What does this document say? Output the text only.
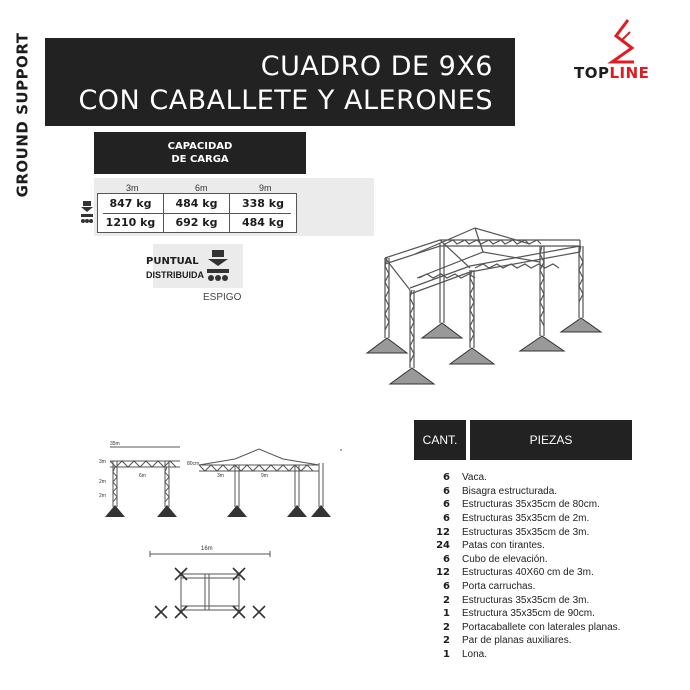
GROUND SUPPORT	CUADRO DE 9X6
CON CABALLETE Y ALERONES
TOPLINE
CAPACIDAD
DE CARGA
3m	6m	9m
847 kg	484 kg	338 kg
1210 kg	692 kg	484 kg
PUNTUAL
DISTRIBUIDA
ESPIGO
35m
3m
6m
2m
2m
80cm
3m	9m
16m
CANT.	PIEZAS
6	Vaca.
6	Bisagra estructurada.
6	Estructuras 35x35cm de 80cm.
6	Estructuras 35x35cm de 2m.
12	Estructuras 35x35cm de 3m.
24	Patas con tirantes.
6	Cubo de elevación.
12	Estructuras 40X60 cm de 3m.
6	Porta carruchas.
2	Estructuras 35x35cm de 3m.
1	Estructura 35x35cm de 90cm.
2	Portacaballete con laterales planas.
2	Par de planas auxiliares.
1	Lona.
